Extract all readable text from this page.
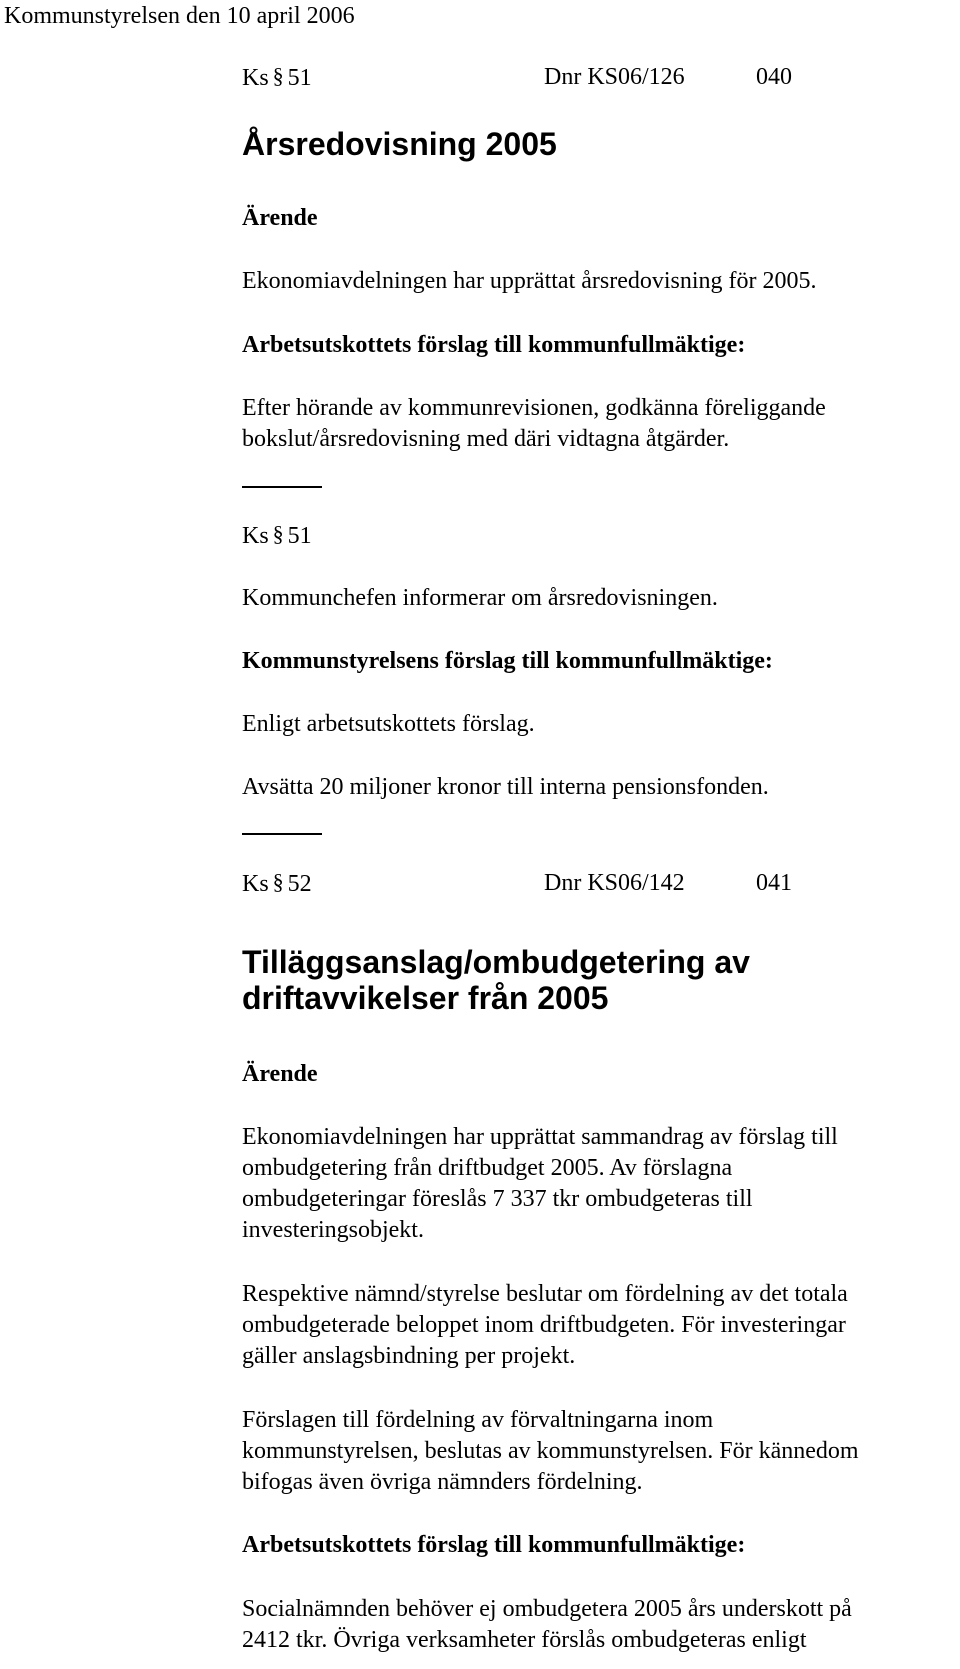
Kommunstyrelsen den 10 april 2006
Ks § 51	Dnr KS06/126	040
Årsredovisning 2005
Ärende
Ekonomiavdelningen har upprättat årsredovisning för 2005.
Arbetsutskottets förslag till kommunfullmäktige:
Efter hörande av kommunrevisionen, godkänna föreliggande
bokslut/årsredovisning med däri vidtagna åtgärder.
Ks § 51
Kommunchefen informerar om årsredovisningen.
Kommunstyrelsens förslag till kommunfullmäktige:
Enligt arbetsutskottets förslag.
Avsätta 20 miljoner kronor till interna pensionsfonden.
Ks § 52	Dnr KS06/142	041
Tilläggsanslag/ombudgetering av
driftavvikelser från 2005
Ärende
Ekonomiavdelningen har upprättat sammandrag av förslag till
ombudgetering från driftbudget 2005. Av förslagna
ombudgeteringar föreslås 7 337 tkr ombudgeteras till
investeringsobjekt.
Respektive nämnd/styrelse beslutar om fördelning av det totala
ombudgeterade beloppet inom driftbudgeten. För investeringar
gäller anslagsbindning per projekt.
Förslagen till fördelning av förvaltningarna inom
kommunstyrelsen, beslutas av kommunstyrelsen. För kännedom
bifogas även övriga nämnders fördelning.
Arbetsutskottets förslag till kommunfullmäktige:
Socialnämnden behöver ej ombudgetera 2005 års underskott på
2412 tkr. Övriga verksamheter förslås ombudgeteras enligt
